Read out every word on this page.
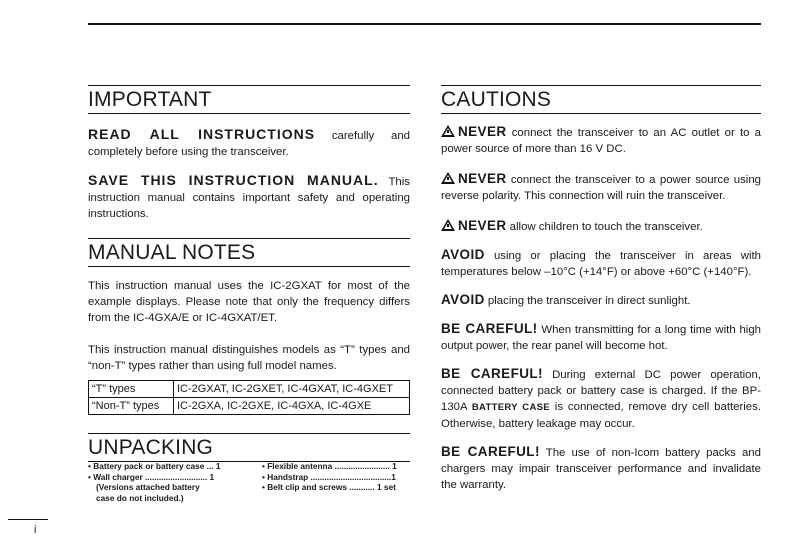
IMPORTANT

READ ALL INSTRUCTIONS carefully and completely before using the transceiver.

SAVE THIS INSTRUCTION MANUAL. This instruction manual contains important safety and operating instructions.

MANUAL NOTES

This instruction manual uses the IC-2GXAT for most of the example displays. Please note that only the frequency differs from the IC-4GXA/E or IC-4GXAT/ET.

This instruction manual distinguishes models as “T” types and “non-T” types rather than using full model names.

“T” types	IC-2GXAT, IC-2GXET, IC-4GXAT, IC-4GXET
“Non-T” types	IC-2GXA, IC-2GXE, IC-4GXA, IC-4GXE
UNPACKING
• Battery pack or battery case ... 1
• Wall charger ........................... 1
(Versions attached battery
case do not included.)
• Flexible antenna ........................ 1
• Handstrap ...................................1
• Belt clip and screws ........... 1 set
CAUTIONS

NEVER connect the transceiver to an AC outlet or to a power source of more than 16 V DC.

NEVER connect the transceiver to a power source using reverse polarity. This connection will ruin the transceiver.

NEVER allow children to touch the transceiver.

AVOID using or placing the transceiver in areas with temperatures below –10°C (+14°F) or above +60°C (+140°F).

AVOID placing the transceiver in direct sunlight.

BE CAREFUL! When transmitting for a long time with high output power, the rear panel will become hot.

BE CAREFUL! During external DC power operation, connected battery pack or battery case is charged. If the BP-130A BATTERY CASE is connected, remove dry cell batteries. Otherwise, battery leakage may occur.

BE CAREFUL! The use of non-Icom battery packs and chargers may impair transceiver performance and invalidate the warranty.

i
